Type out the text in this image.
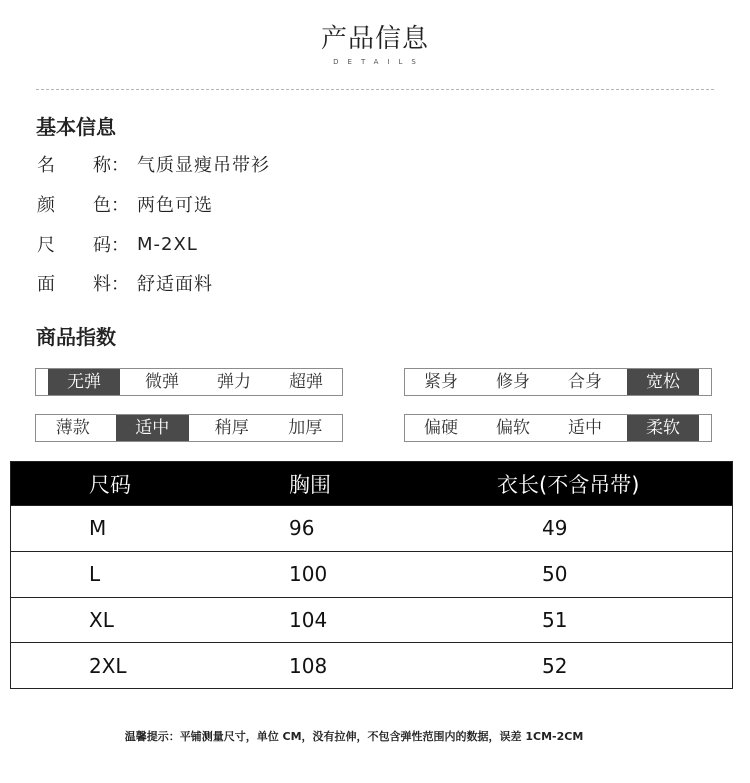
产品信息
DETAILS
基本信息
名 称 ： 气质显瘦吊带衫
颜 色 ： 两色可选
尺 码 ： M-2XL
面 料 ： 舒适面料
商品指数
无弹	微弹	弹力	超弹	紧身	修身	合身	宽松
薄款	适中	稍厚	加厚	偏硬	偏软	适中	柔软
尺码	胸围	衣长(不含吊带)
M	96	49
L	100	50
XL	104	51
2XL	108	52
温馨提示：平铺测量尺寸，单位 CM，没有拉伸，不包含弹性范围内的数据，误差 1CM-2CM
